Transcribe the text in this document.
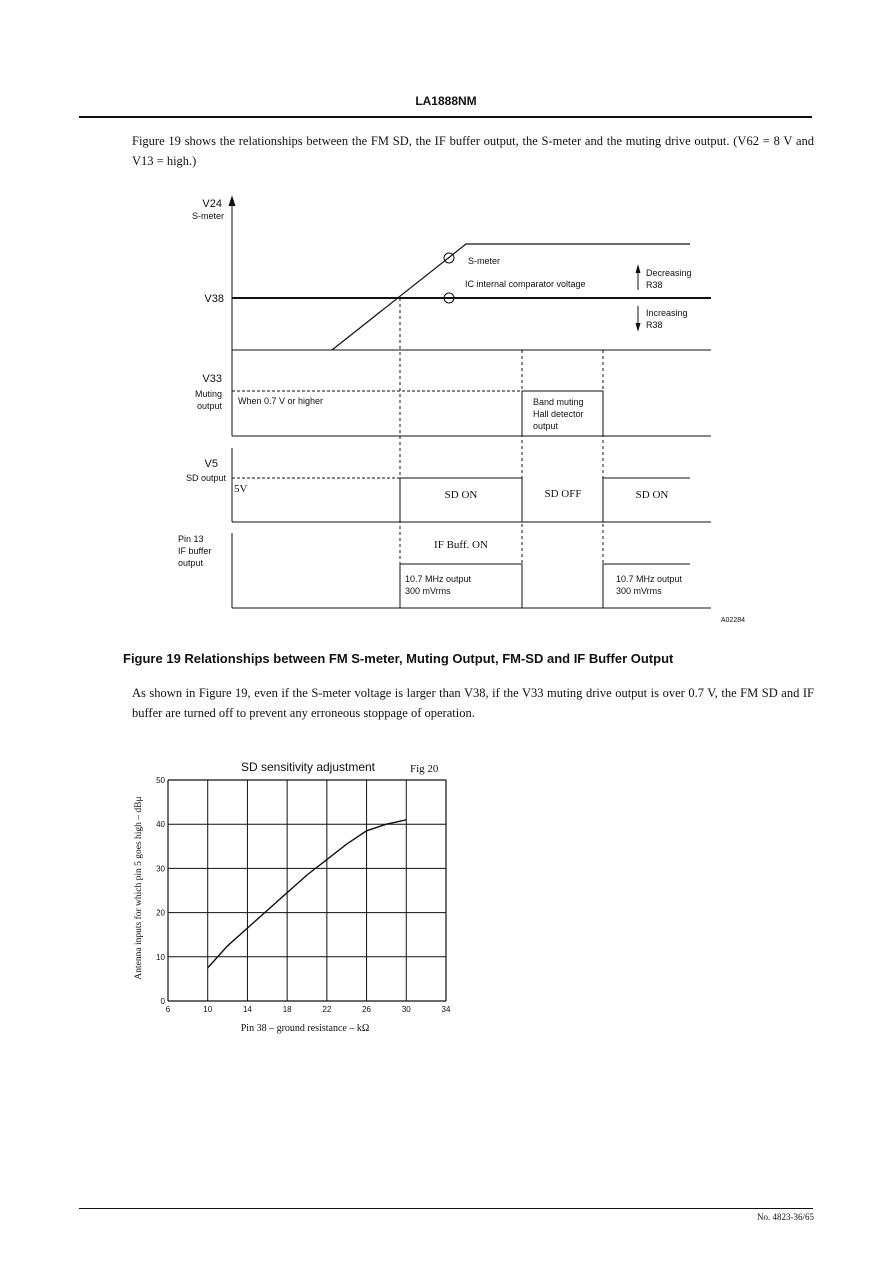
LA1888NM
Figure 19 shows the relationships between the FM SD, the IF buffer output, the S-meter and the muting drive output. (V62 = 8 V and V13 = high.)
V24
S-meter
V38
S-meter
IC internal comparator voltage
Decreasing
R38
Increasing
R38
V33
Muting
output When 0.7 V or higher	Band muting
Hall detector
output
V5
SD output
5V	SD ON	SD OFF	SD ON
Pin 13
IF buffer
output
IF Buff. ON
10.7 MHz output
300 mVrms
10.7 MHz output
300 mVrms
A02284
Figure 19 Relationships between FM S-meter, Muting Output, FM-SD and IF Buffer Output
As shown in Figure 19, even if the S-meter voltage is larger than V38, if the V33 muting drive output is over 0.7 V, the FM SD and IF buffer are turned off to prevent any erroneous stoppage of operation.
6	10	14	18	22	26	30	34
0
10
20
30
40
50
SD sensitivity adjustment	Fig 20
Pin 38 – ground resistance – kΩ
Antenna inputs for which pin 5 goes high – dBμ
No. 4823-36/65
